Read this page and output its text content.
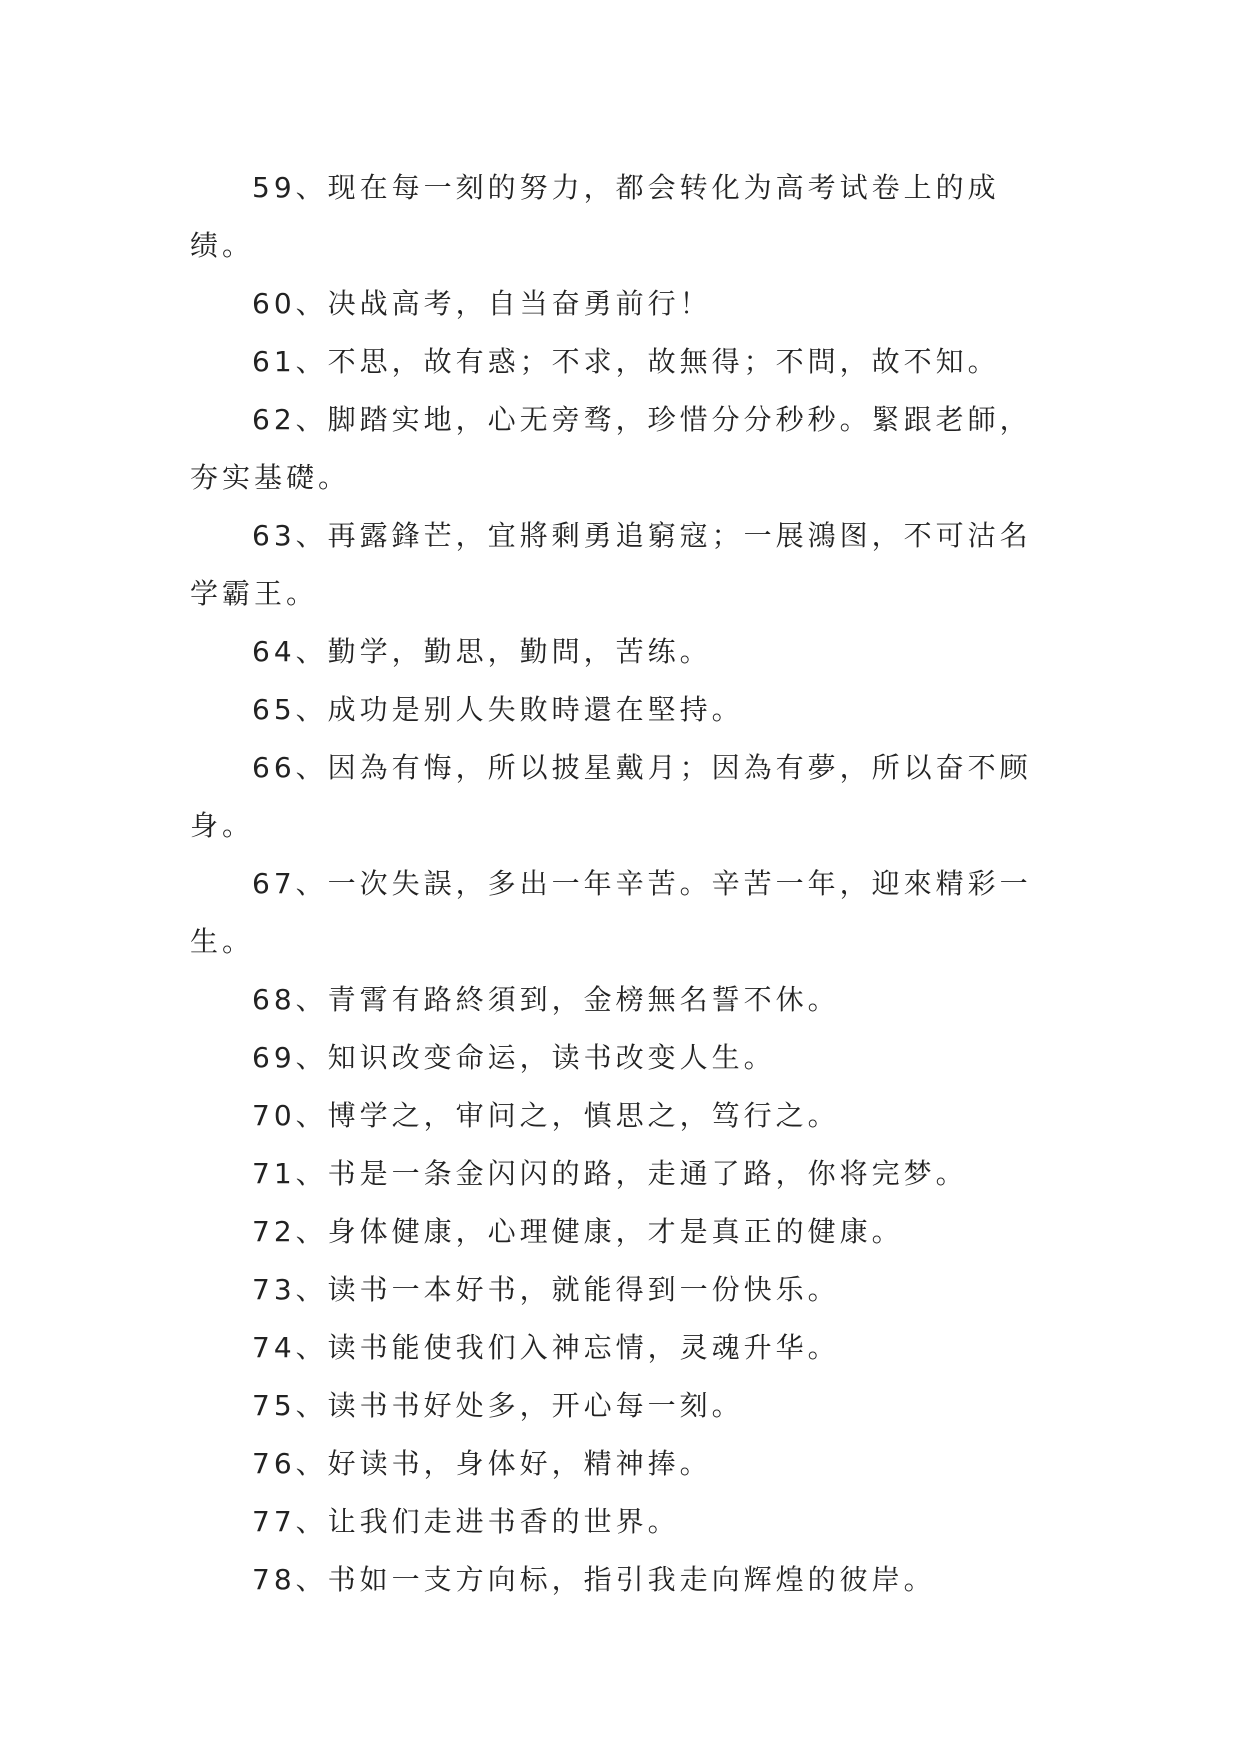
59、现在每一刻的努力，都会转化为高考试卷上的成绩。

60、决战高考，自当奋勇前行！

61、不思，故有惑；不求，故無得；不問，故不知。

62、脚踏实地，心无旁骛，珍惜分分秒秒。緊跟老師，夯实基礎。

63、再露鋒芒，宜將剩勇追窮寇；一展鴻图，不可沽名学霸王。

64、勤学，勤思，勤問，苦练。

65、成功是别人失敗時還在堅持。

66、因為有悔，所以披星戴月；因為有夢，所以奋不顾身。

67、一次失誤，多出一年辛苦。辛苦一年，迎來精彩一生。

68、青霄有路終須到，金榜無名誓不休。

69、知识改变命运，读书改变人生。

70、博学之，审问之，慎思之，笃行之。

71、书是一条金闪闪的路，走通了路，你将完梦。

72、身体健康，心理健康，才是真正的健康。

73、读书一本好书，就能得到一份快乐。

74、读书能使我们入神忘情，灵魂升华。

75、读书书好处多，开心每一刻。

76、好读书，身体好，精神捧。

77、让我们走进书香的世界。

78、书如一支方向标，指引我走向辉煌的彼岸。
